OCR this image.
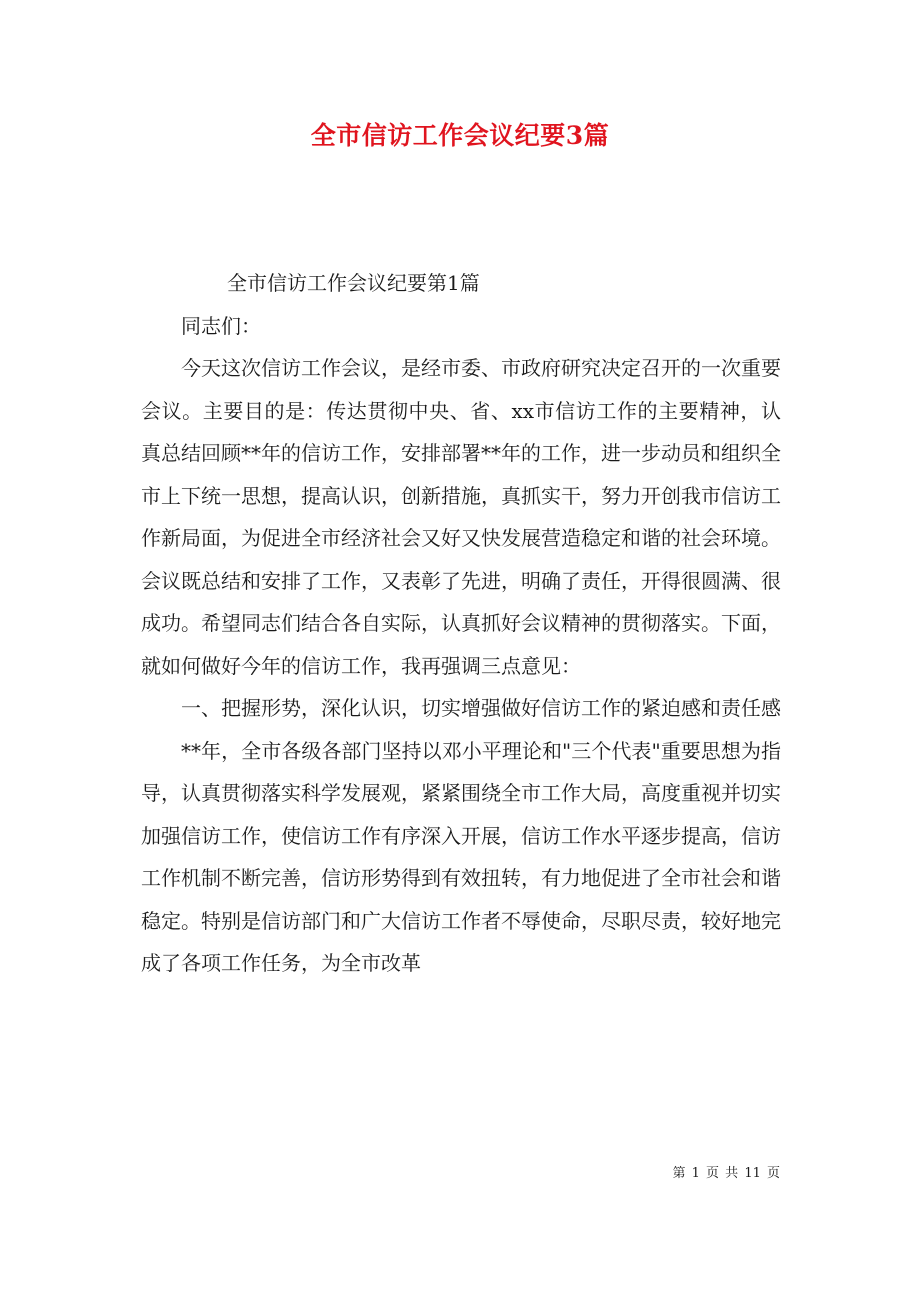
全市信访工作会议纪要3篇

全市信访工作会议纪要第1篇

同志们：

今天这次信访工作会议，是经市委、市政府研究决定召开的一次重要会议。主要目的是：传达贯彻中央、省、xx市信访工作的主要精神，认真总结回顾**年的信访工作，安排部署**年的工作，进一步动员和组织全市上下统一思想，提高认识，创新措施，真抓实干，努力开创我市信访工作新局面，为促进全市经济社会又好又快发展营造稳定和谐的社会环境。会议既总结和安排了工作，又表彰了先进，明确了责任，开得很圆满、很成功。希望同志们结合各自实际，认真抓好会议精神的贯彻落实。下面，就如何做好今年的信访工作，我再强调三点意见：

一、把握形势，深化认识，切实增强做好信访工作的紧迫感和责任感

**年，全市各级各部门坚持以邓小平理论和"三个代表"重要思想为指导，认真贯彻落实科学发展观，紧紧围绕全市工作大局，高度重视并切实加强信访工作，使信访工作有序深入开展，信访工作水平逐步提高，信访工作机制不断完善，信访形势得到有效扭转，有力地促进了全市社会和谐稳定。特别是信访部门和广大信访工作者不辱使命，尽职尽责，较好地完成了各项工作任务，为全市改革

第 1 页 共 11 页
